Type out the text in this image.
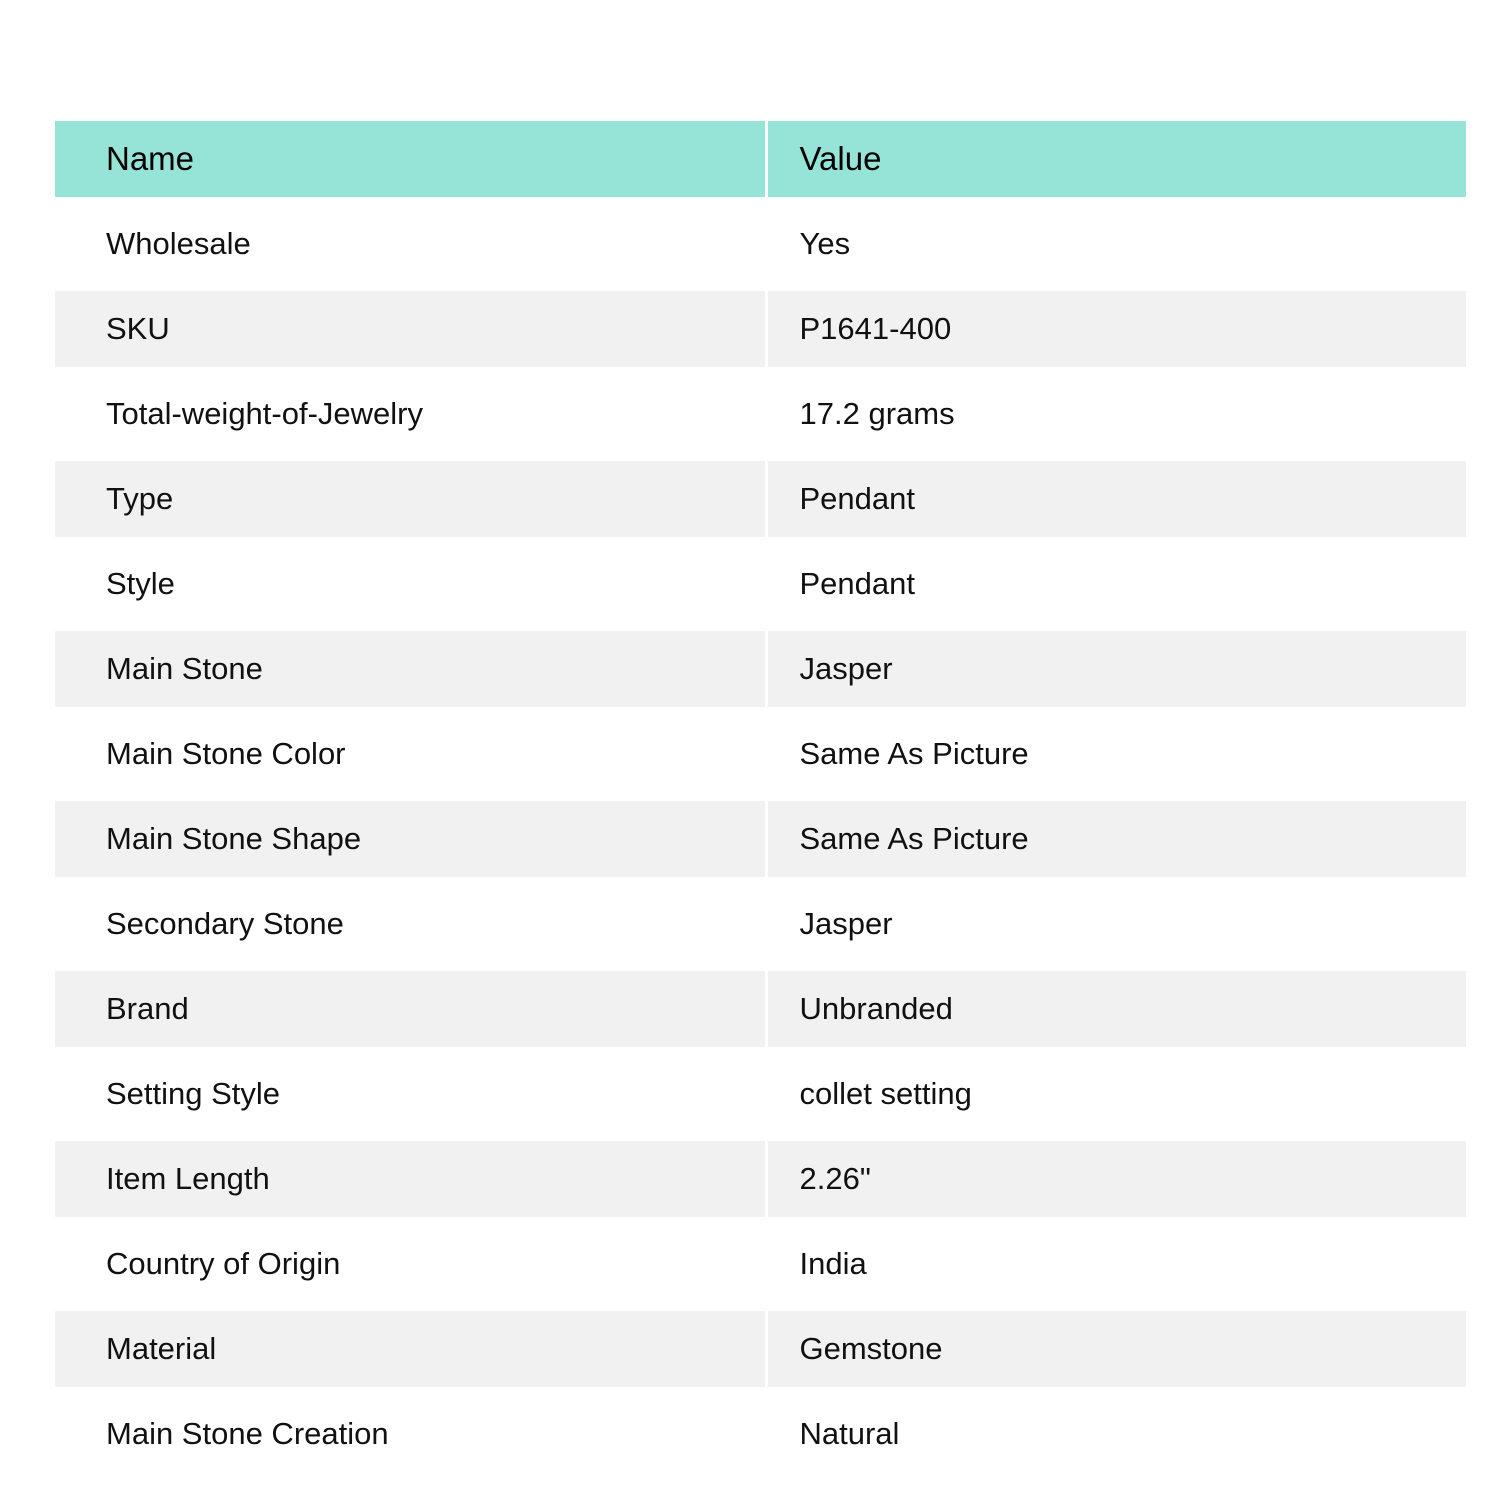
Name	Value
Wholesale	Yes
SKU	P1641-400
Total-weight-of-Jewelry	17.2 grams
Type	Pendant
Style	Pendant
Main Stone	Jasper
Main Stone Color	Same As Picture
Main Stone Shape	Same As Picture
Secondary Stone	Jasper
Brand	Unbranded
Setting Style	collet setting
Item Length	2.26"
Country of Origin	India
Material	Gemstone
Main Stone Creation	Natural
